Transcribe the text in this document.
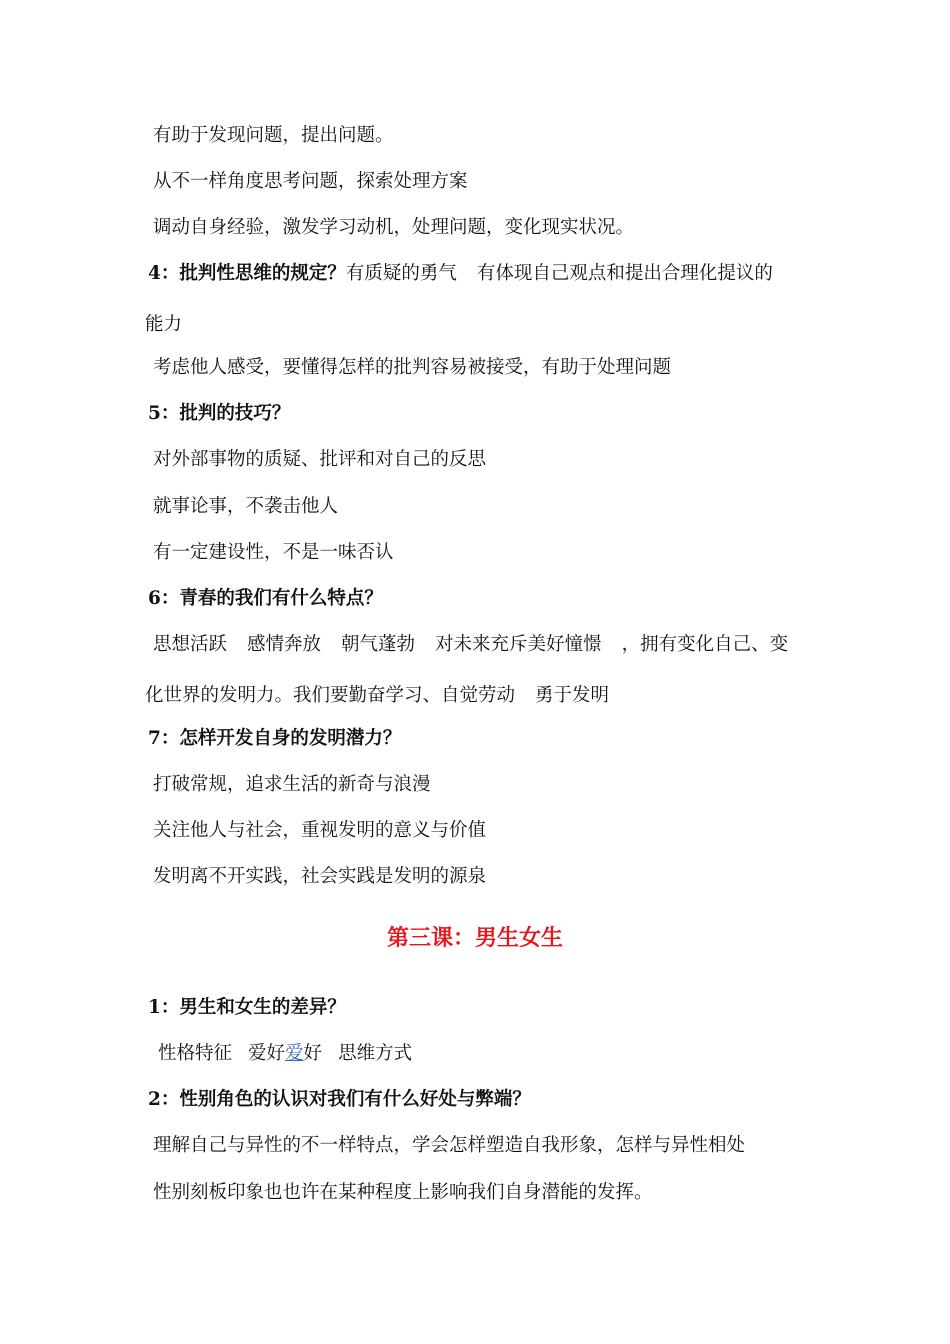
有助于发现问题，提出问题。
从不一样角度思考问题，探索处理方案
调动自身经验，激发学习动机，处理问题，变化现实状况。
4：批判性思维的规定？有质疑的勇气 有体现自己观点和提出合理化提议的
能力
考虑他人感受，要懂得怎样的批判容易被接受，有助于处理问题
5：批判的技巧？
对外部事物的质疑、批评和对自己的反思
就事论事，不袭击他人
有一定建设性，不是一味否认
6：青春的我们有什么特点？
思想活跃 感情奔放 朝气蓬勃 对未来充斥美好憧憬 ，拥有变化自己、变
化世界的发明力。我们要勤奋学习、自觉劳动 勇于发明
7：怎样开发自身的发明潜力？
打破常规，追求生活的新奇与浪漫
关注他人与社会，重视发明的意义与价值
发明离不开实践，社会实践是发明的源泉
第三课：男生女生
1：男生和女生的差异？
性格特征 爱好爱好 思维方式
2：性别角色的认识对我们有什么好处与弊端？
理解自己与异性的不一样特点，学会怎样塑造自我形象，怎样与异性相处
性别刻板印象也也许在某种程度上影响我们自身潜能的发挥。
